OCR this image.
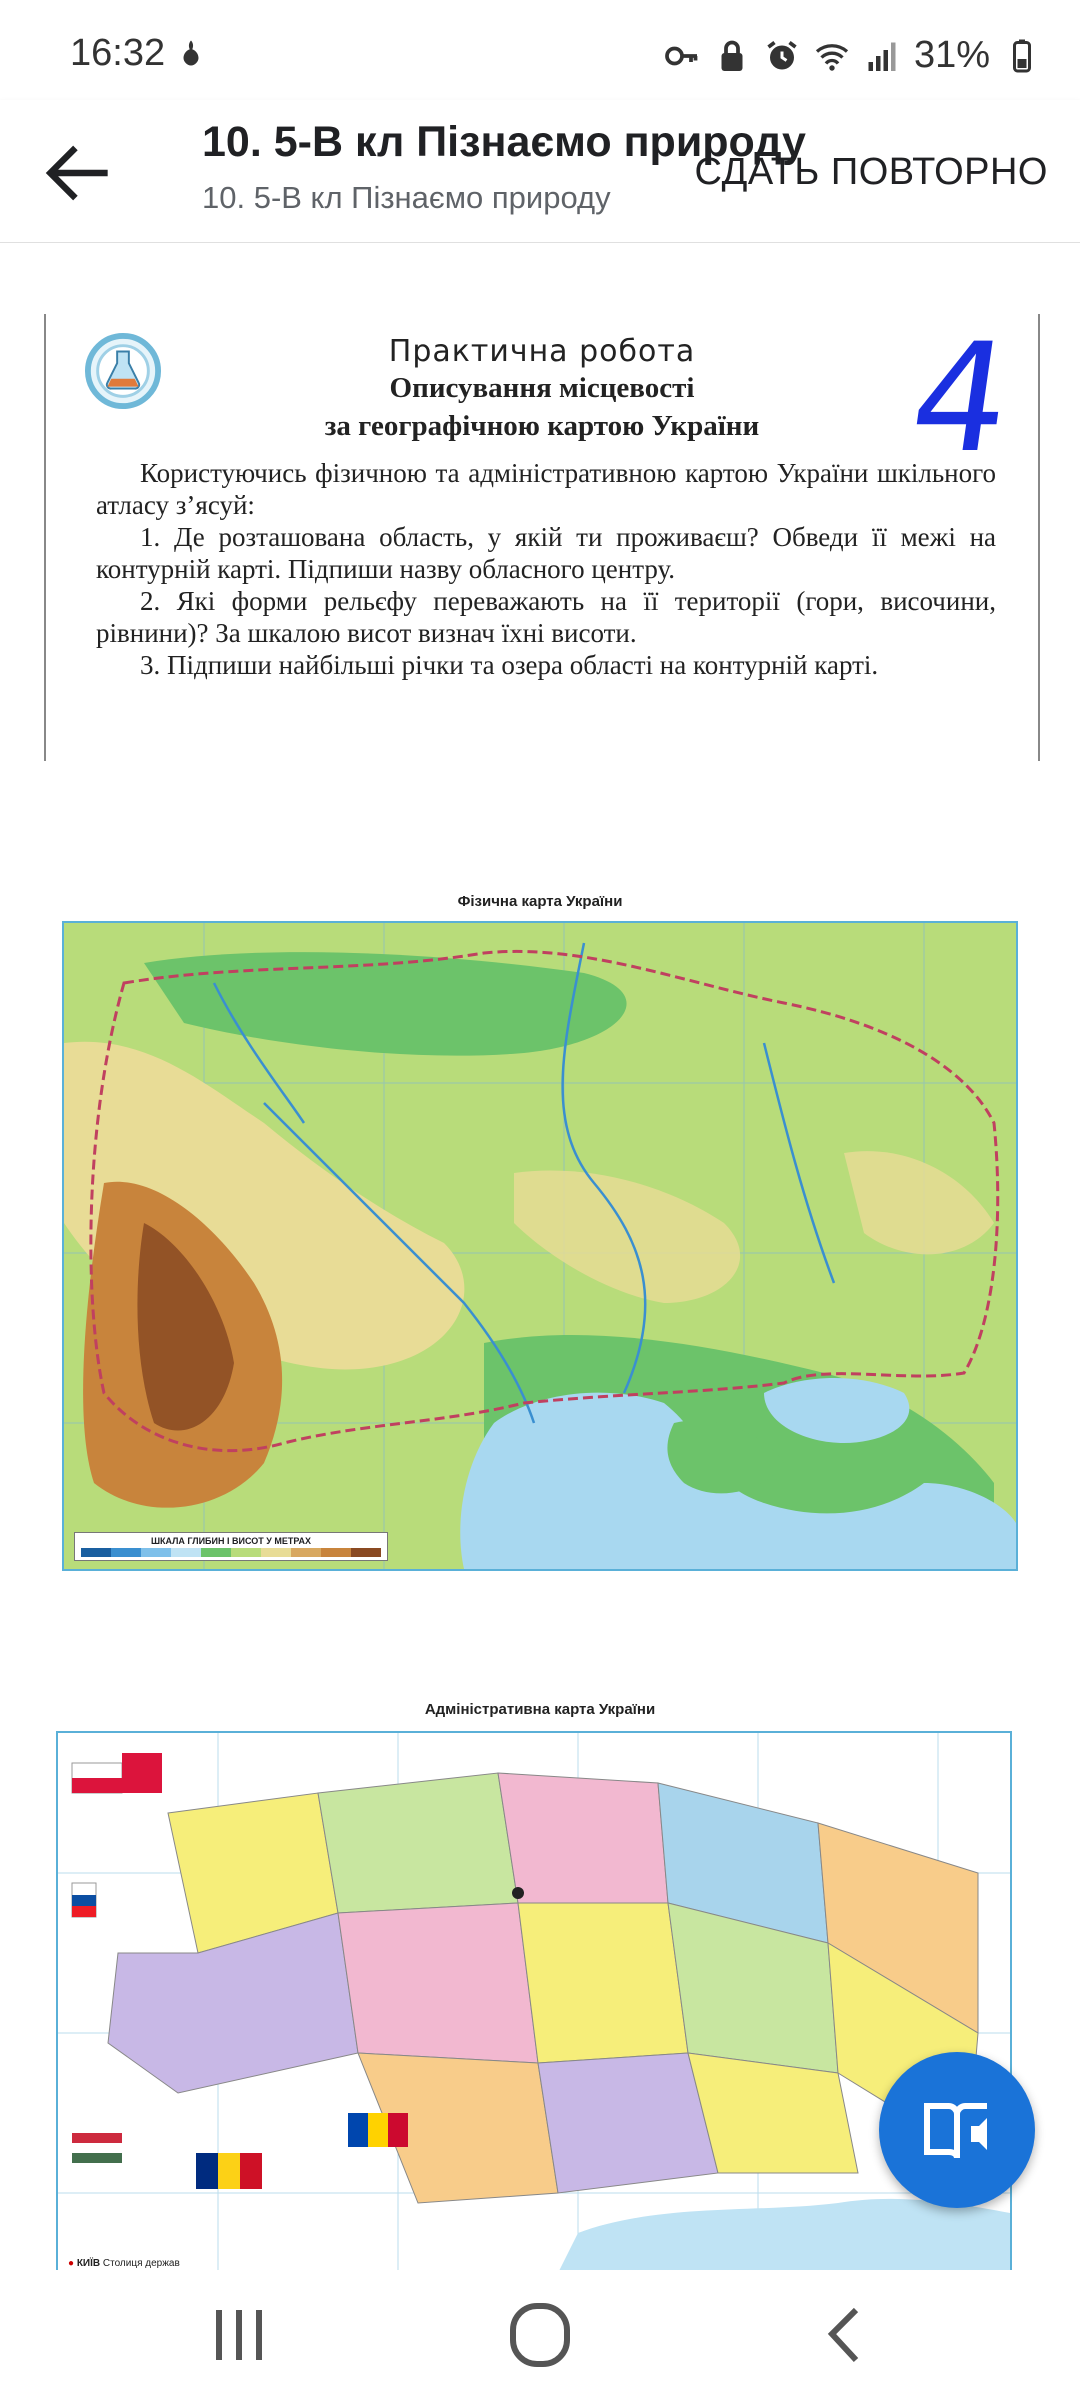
16:32	31%
10. 5-В кл Пізнаємо природу
10. 5-В кл Пізнаємо природу
СДАТЬ ПОВТОРНО
Практична робота
Описування місцевості
за географічною картою України 4

Користуючись фізичною та адміністративною картою України шкільного атласу з’ясуй:

1. Де розташована область, у якій ти проживаєш? Обведи її межі на контурній карті. Підпиши назву обласного центру.

2. Які форми рельєфу переважають на її території (гори, височини, рівнини)? За шкалою висот визнач їхні висоти.

3. Підпиши найбільші річки та озера області на контурній карті.

Фізична карта України

ШКАЛА ГЛИБИН І ВИСОТ У МЕТРАХ

Адміністративна карта України

● КИЇВ Столиця держав
